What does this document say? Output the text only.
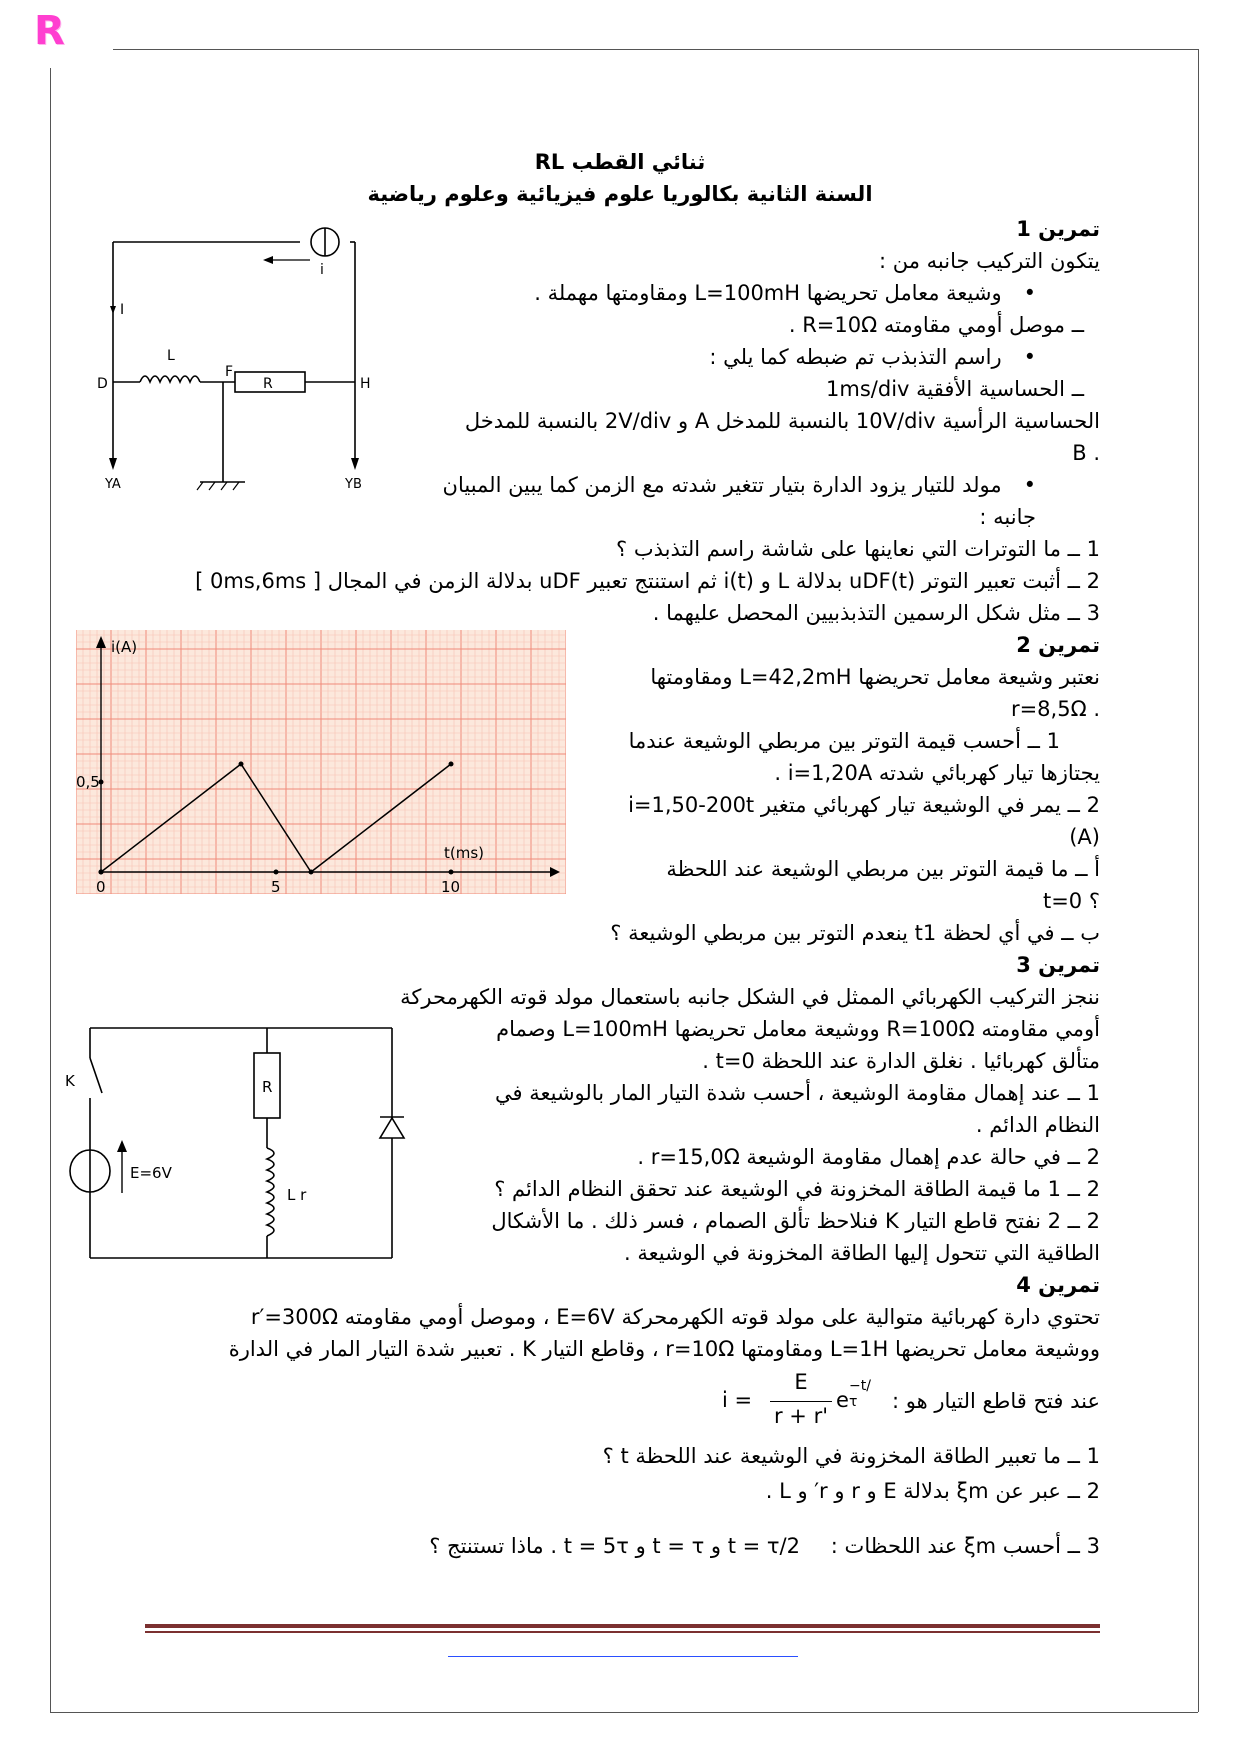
R
ثنائي القطب RL
السنة الثانية بكالوريا علوم فيزيائية وعلوم رياضية
تمرين 1
يتكون التركيب جانبه من :
• وشيعة معامل تحريضها L=100mH ومقاومتها مهملة .
ــ موصل أومي مقاومته R=10Ω .
• راسم التذبذب تم ضبطه كما يلي :
ــ الحساسية الأفقية 1ms/div
الحساسية الرأسية 10V/div بالنسبة للمدخل A و 2V/div بالنسبة للمدخل
. B
• مولد للتيار يزود الدارة بتيار تتغير شدته مع الزمن كما يبين المبيان
جانبه :
1 ــ ما التوترات التي نعاينها على شاشة راسم التذبذب ؟
2 ــ أثبت تعبير التوتر uDF(t) بدلالة L و i(t) ثم استنتج تعبير uDF بدلالة الزمن في المجال [ 0ms,6ms ]
3 ــ مثل شكل الرسمين التذبذبيين المحصل عليهما .
تمرين 2
نعتبر وشيعة معامل تحريضها L=42,2mH ومقاومتها
. r=8,5Ω
1 ــ أحسب قيمة التوتر بين مربطي الوشيعة عندما
يجتازها تيار كهربائي شدته i=1,20A .
2 ــ يمر في الوشيعة تيار كهربائي متغير i=1,50-200t
(A)
أ ــ ما قيمة التوتر بين مربطي الوشيعة عند اللحظة
؟ t=0
ب ــ في أي لحظة t1 ينعدم التوتر بين مربطي الوشيعة ؟
تمرين 3
ننجز التركيب الكهربائي الممثل في الشكل جانبه باستعمال مولد قوته الكهرمحركة
أومي مقاومته R=100Ω ووشيعة معامل تحريضها L=100mH وصمام
متألق كهربائيا . نغلق الدارة عند اللحظة t=0 .
1 ــ عند إهمال مقاومة الوشيعة ، أحسب شدة التيار المار بالوشيعة في
النظام الدائم .
2 ــ في حالة عدم إهمال مقاومة الوشيعة r=15,0Ω .
2 ــ 1 ما قيمة الطاقة المخزونة في الوشيعة عند تحقق النظام الدائم ؟
2 ــ 2 نفتح قاطع التيار K فنلاحظ تألق الصمام ، فسر ذلك . ما الأشكال
الطاقية التي تتحول إليها الطاقة المخزونة في الوشيعة .
تمرين 4
تحتوي دارة كهربائية متوالية على مولد قوته الكهرمحركة E=6V ، وموصل أومي مقاومته r′=300Ω
ووشيعة معامل تحريضها L=1H ومقاومتها r=10Ω ، وقاطع التيار K . تعبير شدة التيار المار في الدارة
عند فتح قاطع التيار هو :
i =
E
r + r'
e
−t/τ
1 ــ ما تعبير الطاقة المخزونة في الوشيعة عند اللحظة t ؟
2 ــ عبر عن ξm بدلالة E و r و r′ و L .
3 ــ أحسب ξm عند اللحظات :
t = τ/2 و t = τ و t = 5τ . ماذا تستنتج ؟
i
I
L
F
R
D	H
YA	YB
i(A)
t(ms)
0,5
0	5	10
K
E=6V
R
L r
